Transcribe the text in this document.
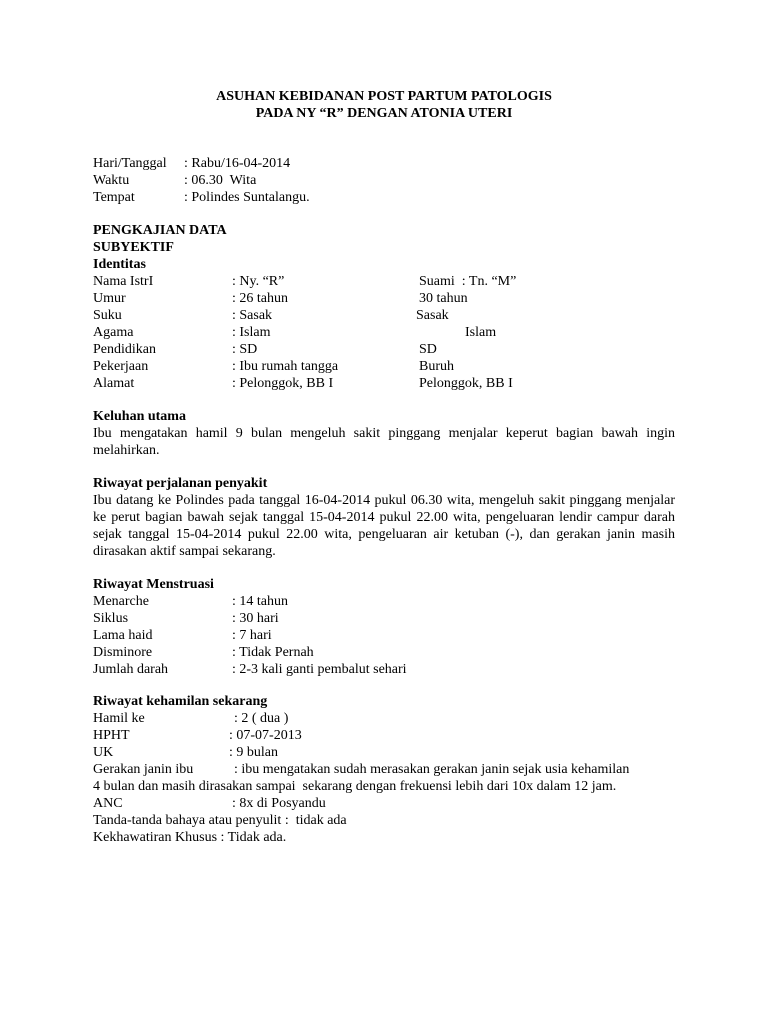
ASUHAN KEBIDANAN POST PARTUM PATOLOGIS
PADA NY “R” DENGAN ATONIA UTERI
Hari/Tanggal : Rabu/16-04-2014
Waktu	: 06.30  Wita
Tempat	: Polindes Suntalangu.
PENGKAJIAN DATA
SUBYEKTIF
Identitas
Nama IstrI	: Ny. “R”	Suami  : Tn. “M”
Umur	: 26 tahun	30 tahun
Suku	: Sasak	Sasak
Agama	: Islam	Islam
Pendidikan	: SD	SD
Pekerjaan	: Ibu rumah tangga	Buruh
Alamat	: Pelonggok, BB I	Pelonggok, BB I
Keluhan utama
Ibu mengatakan hamil 9 bulan mengeluh sakit pinggang menjalar keperut bagian bawah ingin melahirkan.
Riwayat perjalanan penyakit
Ibu datang ke Polindes pada tanggal 16-04-2014 pukul 06.30 wita, mengeluh sakit pinggang menjalar ke perut bagian bawah sejak tanggal 15-04-2014 pukul 22.00 wita, pengeluaran lendir campur darah sejak tanggal 15-04-2014 pukul 22.00 wita, pengeluaran air ketuban (-), dan gerakan janin masih dirasakan aktif sampai sekarang.
Riwayat Menstruasi
Menarche	: 14 tahun
Siklus	: 30 hari
Lama haid	: 7 hari
Disminore	: Tidak Pernah
Jumlah darah	: 2-3 kali ganti pembalut sehari
Riwayat kehamilan sekarang
Hamil ke	: 2 ( dua )
HPHT	: 07-07-2013
UK	: 9 bulan
Gerakan janin ibu	: ibu mengatakan sudah merasakan gerakan janin sejak usia kehamilan
4 bulan dan masih dirasakan sampai  sekarang dengan frekuensi lebih dari 10x dalam 12 jam.
ANC	: 8x di Posyandu
Tanda-tanda bahaya atau penyulit :  tidak ada
Kekhawatiran Khusus : Tidak ada.
